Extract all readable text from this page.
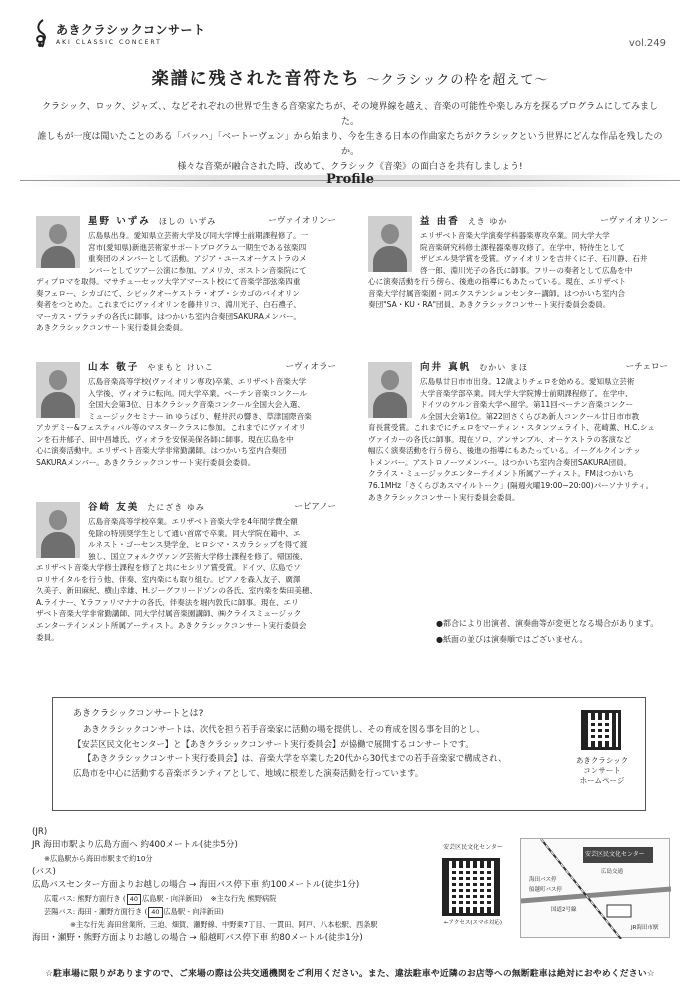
あきクラシックコンサート
AKI CLASSIC CONCERT	vol.249
楽譜に残された音符たち 〜クラシックの枠を超えて〜
クラシック、ロック、ジャズ、、などそれぞれの世界で生きる音楽家たちが、その境界線を越え、音楽の可能性や楽しみ方を探るプログラムにしてみました。
誰しもが一度は聞いたことのある「バッハ」「ベートーヴェン」から始まり、今を生きる日本の作曲家たちがクラシックという世界にどんな作品を残したのか。
様々な音楽が融合された時、改めて、クラシック《音楽》の面白さを共有しましょう!
Profile
星野 いずみ ほしの いずみ	ーヴァイオリンー
広島県出身。愛知県立芸術大学及び同大学博士前期課程修了。一
宮市(愛知県)新進芸術家サポートプログラム一期生である弦楽四
重奏団のメンバーとして活動。アジア・ユースオーケストラのメ
ンバーとしてツアー公演に参加。アメリカ、ボストン音楽院にて
ディプロマを取得。マサチューセッツ大学アマースト校にて音楽学部弦楽四重
奏フェロー、シカゴにて、シビックオーケストラ・オブ・シカゴのバイオリン
奏者をつとめた。これまでにヴァイオリンを藤井リコ、淵川光子、白石禮子、
マーカス・プラッチの各氏に師事。はつかいち室内合奏団SAKURAメンバー。
あきクラシックコンサート実行委員会委員。
益 由香 えき ゆか	ーヴァイオリンー
エリザベト音楽大学演奏学科器楽専攻卒業。同大学大学
院音楽研究科修士課程器楽専攻修了。在学中、特待生として
ザビエル奨学賞を受賞。ヴァイオリンを吉井くに子、石川静、石井
啓一郎、淵川光子の各氏に師事。フリーの奏者として広島を中
心に演奏活動を行う傍ら、後進の指導にもあたっている。現在、エリザベト
音楽大学付属音楽園・同エクステンションセンター講師。はつかいち室内合
奏団"SA・KU・RA"団員、あきクラシックコンサート実行委員会委員。
山本 敬子 やまもと けいこ	ーヴィオラー
広島音楽高等学校(ヴァイオリン専攻)卒業、エリザベト音楽大学
入学後、ヴィオラに転向。同大学卒業。ベーテン音楽コンクール
全国大会第3位、日本クラシック音楽コンクール全国大会入選、
ミュージックセミナー in ゆうばり、軽井沢の響き、草津国際音楽
アカデミー&フェスティバル等のマスタークラスに参加。これまでにヴァイオリ
ンを石井郁子、田中昌雄氏、ヴィオラを安保美保各師に師事。現在広島を中
心に演奏活動中。エリザベト音楽大学非常勤講師。はつかいち室内合奏団
SAKURAメンバー。あきクラシックコンサート実行委員会委員。
向井 真帆 むかい まほ	ーチェロー
広島県廿日市市出身。12歳よりチェロを始める。愛知県立芸術
大学音楽学部卒業。同大学大学院博士前期課程修了。在学中、
ドイツのケルン音楽大学へ留学。第11回ベーテン音楽コンクー
ル全国大会第1位。第22回さくらぴあ新人コンクール廿日市市教
育長賞受賞。これまでにチェロをマーティン・スタンツェライト、花崎薫、H.C.シュ
ヴァイカーの各氏に師事。現在ソロ、アンサンブル、オーケストラの客演など
幅広く演奏活動を行う傍ら、後進の指導にもあたっている。イーグルクインテッ
トメンバー。アストロノーツメンバー。はつかいち室内合奏団SAKURA団員。
クライス・ミュージックエンターテイメント所属アーティスト。FMはつかいち
76.1MHz「さくらぴあスマイルトーク」(隔週火曜19:00~20:00)パーソナリティ。
あきクラシックコンサート実行委員会委員。
谷崎 友美 たにざき ゆみ	ーピアノー
広島音楽高等学校卒業。エリザベト音楽大学を4年間学費全額
免除の特別奨学生として通い首席で卒業。同大学院在籍中、エ
ルネスト・ゴーセンス奨学金、ヒロシマ・スカラシップを得て渡
独し、国立フォルクヴァング芸術大学修士課程を修了。帰国後、
エリザベト音楽大学修士課程を修了と共にセシリア賞受賞。ドイツ、広島でソ
ロリサイタルを行う他、伴奏、室内楽にも取り組む。ピアノを森入友子、廣澤
久美子、新田麻紀、横山幸雄、H.ジーグフリードゾンの各氏、室内楽を柴田美穂、
A.ライナー、Y.ラファリマナナの各氏、伴奏法を堀内敦氏に師事。現在、エリ
ザベト音楽大学非常勤講師、同大学付属音楽園講師、㈱クライスミュージック
エンターテインメント所属アーティスト。あきクラシックコンサート実行委員会
委員。
●都合により出演者、演奏曲等が変更となる場合があります。
●紙面の並びは演奏順ではございません。
あきクラシックコンサートとは?
あきクラシックコンサートは、次代を担う若手音楽家に活動の場を提供し、その育成を図る事を目的とし、
【安芸区民文化センター】と【あきクラシックコンサート実行委員会】が協働で展開するコンサートです。
【あきクラシックコンサート実行委員会】は、音楽大学を卒業した20代から30代までの若手音楽家で構成され、
広島市を中心に活動する音楽ボランティアとして、地域に根差した演奏活動を行っています。
あきクラシック
コンサート
ホームページ
(JR)
JR 海田市駅より広島方面へ 約400メートル(徒歩5分)
※広島駅から海田市駅まで約10分
(バス)
広島バスセンター方面よりお越しの場合 → 海田バス停下車 約100メートル(徒歩1分)
広電バス: 熊野方面行き ( 40 広島駅 - 向洋新田) ※主な行先 熊野病院
芸陽バス: 海田 - 瀬野方面行き ( 40 広島駅 - 向洋新田)
※主な行先 海田営業所、三迫、畑賀、瀬野線、中野東7丁目、一貫田、阿戸、八本松駅、西条駅
海田・瀬野・熊野方面よりお越しの場合 → 船越町バス停下車 約80メートル(徒歩1分)
安芸区民文化センター
←アクセス(スマホ対応)
安芸区民文化センター
広島交通
海田バス停
船越町バス停
国道2号線
JR海田市駅
☆駐車場に限りがありますので、ご来場の際は公共交通機関をご利用ください。また、違法駐車や近隣のお店等への無断駐車は絶対におやめください☆
